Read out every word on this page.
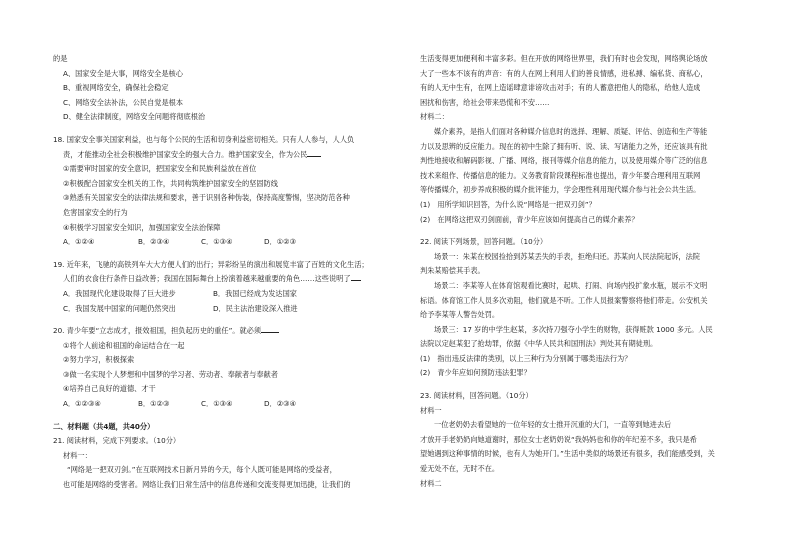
的是
A、国家安全是大事，网络安全是核心
B、重视网络安全，确保社会稳定
C、网络安全法补法，公民自觉是根本
D、健全法律制度，网络安全问题将彻底根治
18. 国家安全事关国家利益，也与每个公民的生活和切身利益密切相关。只有人人参与，人人负
责，才能推动全社会积极维护国家安全的强大合力。维护国家安全，作为公民
①需要审时国家的安全意识，把国家安全和民族利益放在首位
②积极配合国家安全机关的工作，共同构筑维护国家安全的坚固防线
③熟悉有关国家安全的法律法规和要求，善于识别各种伪装，保持高度警惕，坚决防范各种
危害国家安全的行为
④积极学习国家安全知识，加强国家安全法治保障
A．①②④	B．②③④	C．①③④	D．①②③
19. 近年来，飞驰的高铁列车大大方便人们的出行；异彩纷呈的演出和展览丰富了百姓的文化生活；
人们的衣食住行条件日益改善；我国在国际舞台上扮演着越来越重要的角色……这些说明了
A．我国现代化建设取得了巨大进步	B．我国已经成为发达国家
C．我国发展中国家的问题仍然突出	D．民主法治建设深入推进
20. 青少年要“立志成才，报效祖国，担负起历史的重任”。就必须
①将个人前途和祖国的命运结合在一起
②努力学习，积极探索
③做一名实现个人梦想和中国梦的学习者、劳动者、奉献者与奉献者
④培养自己良好的道德、才干
A．①②③④	B．①②③	C．①③④	D．②③④
二、材料题（共4题，共40分）
21. 阅读材料，完成下列要求。（10分）
材料一：
“网络是一把双刃剑。”在互联网技术日新月异的今天，每个人既可能是网络的受益者，
也可能是网络的受害者。网络让我们日常生活中的信息传递和交流变得更加迅捷，让我们的
生活变得更加便利和丰富多彩。但在开放的网络世界里，我们有时也会发现，网络舆论场放
大了一些本不该有的声音：有的人在网上利用人们的善良情感，进私搏、编私货、商私心，
有的人无中生有，在网上造谣肆意诽谤攻击对手；有的人蓄意把他人的隐私，给他人造成
困扰和伤害，给社会带来恐慌和不安……
材料二：
媒介素养，是指人们面对各种媒介信息时的选择、理解、质疑、评估、创造和生产等能
力以及思辨的反应能力。现在的初中生除了拥有听、说、读、写诸能力之外，还应该具有批
判性地接收和解码影视、广播、网络，报刊等媒介信息的能力，以及使用媒介等广泛的信息
技术来组作、传播信息的能力。义务教育阶段课程标准也提出，青少年要合理利用互联网
等传播媒介，初步养成积极的媒介批评能力，学会理性利用现代媒介参与社会公共生活。
(1)　用所学知识回答，为什么说“网络是一把双刃剑”？
(2)　在网络这把双刃剑面前，青少年应该如何提高自己的媒介素养？
22. 阅读下列场景，回答问题。（10分）
场景一：朱某在校园捡拾到苏某丢失的手表，拒绝归还。苏某向人民法院起诉，法院
判朱某赔偿其手表。
场景二：李某等人在体育馆观看比赛时，起哄、打闹、向场内投扩象水瓶，展示不文明
标语。体育馆工作人员多次劝阻，他们就是不听。工作人员报案警察将他们带走。公安机关
给予李某等人警告处罚。
场景三：17 岁的中学生赵某，多次持刀强夺小学生的财物，获得赃款 1000 多元。人民
法院以定赵某犯了抢劫罪，依据《中华人民共和国刑法》判处其有期徒刑。
(1)　指出违反法律的类别，以上三种行为分别属于哪类违法行为？
(2)　青少年应如何预防违法犯罪？
23. 阅读材料，回答问题。（10分）
材料一
一位老奶奶去看望她的一位年轻的女士推开沉重的大门，一直等到她进去后
才放开手老奶奶向她道谢时，那位女士老奶奶说“我妈妈也和你的年纪差不多，我只是希
望她遇到这种事情的时候，也有人为她开门。”生活中类似的场景还有很多，我们能感受到，关
爱无处不在，无时不在。
材料二
